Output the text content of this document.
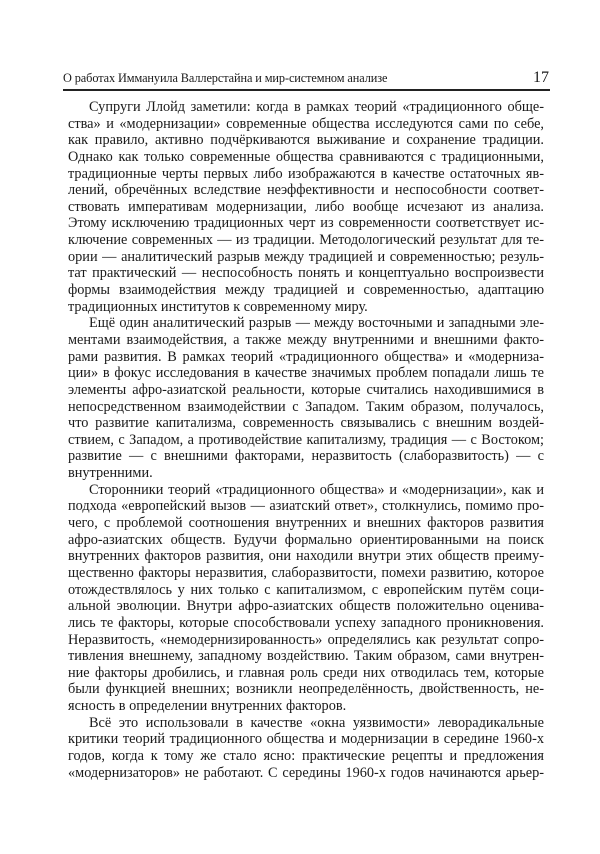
О работах Иммануила Валлерстайна и мир-системном анализе	17
Супруги Ллойд заметили: когда в рамках теорий «традиционного обще-
ства» и «модернизации» современные общества исследуются сами по себе,
как правило, активно подчёркиваются выживание и сохранение традиции.
Однако как только современные общества сравниваются с традиционными,
традиционные черты первых либо изображаются в качестве остаточных яв-
лений, обречённых вследствие неэффективности и неспособности соответ-
ствовать императивам модернизации, либо вообще исчезают из анализа.
Этому исключению традиционных черт из современности соответствует ис-
ключение современных — из традиции. Методологический результат для те-
ории — аналитический разрыв между традицией и современностью; резуль-
тат практический — неспособность понять и концептуально воспроизвести
формы взаимодействия между традицией и современностью, адаптацию
традиционных институтов к современному миру.
Ещё один аналитический разрыв — между восточными и западными эле-
ментами взаимодействия, а также между внутренними и внешними факто-
рами развития. В рамках теорий «традиционного общества» и «модерниза-
ции» в фокус исследования в качестве значимых проблем попадали лишь те
элементы афро-азиатской реальности, которые считались находившимися в
непосредственном взаимодействии с Западом. Таким образом, получалось,
что развитие капитализма, современность связывались с внешним воздей-
ствием, с Западом, а противодействие капитализму, традиция — с Востоком;
развитие — с внешними факторами, неразвитость (слаборазвитость) — с
внутренними.
Сторонники теорий «традиционного общества» и «модернизации», как и
подхода «европейский вызов — азиатский ответ», столкнулись, помимо про-
чего, с проблемой соотношения внутренних и внешних факторов развития
афро-азиатских обществ. Будучи формально ориентированными на поиск
внутренних факторов развития, они находили внутри этих обществ преиму-
щественно факторы неразвития, слаборазвитости, помехи развитию, которое
отождествлялось у них только с капитализмом, с европейским путём соци-
альной эволюции. Внутри афро-азиатских обществ положительно оценива-
лись те факторы, которые способствовали успеху западного проникновения.
Неразвитость, «немодернизированность» определялись как результат сопро-
тивления внешнему, западному воздействию. Таким образом, сами внутрен-
ние факторы дробились, и главная роль среди них отводилась тем, которые
были функцией внешних; возникли неопределённость, двойственность, не-
ясность в определении внутренних факторов.
Всё это использовали в качестве «окна уязвимости» леворадикальные
критики теорий традиционного общества и модернизации в середине 1960-х
годов, когда к тому же стало ясно: практические рецепты и предложения
«модернизаторов» не работают. С середины 1960-х годов начинаются арьер-
